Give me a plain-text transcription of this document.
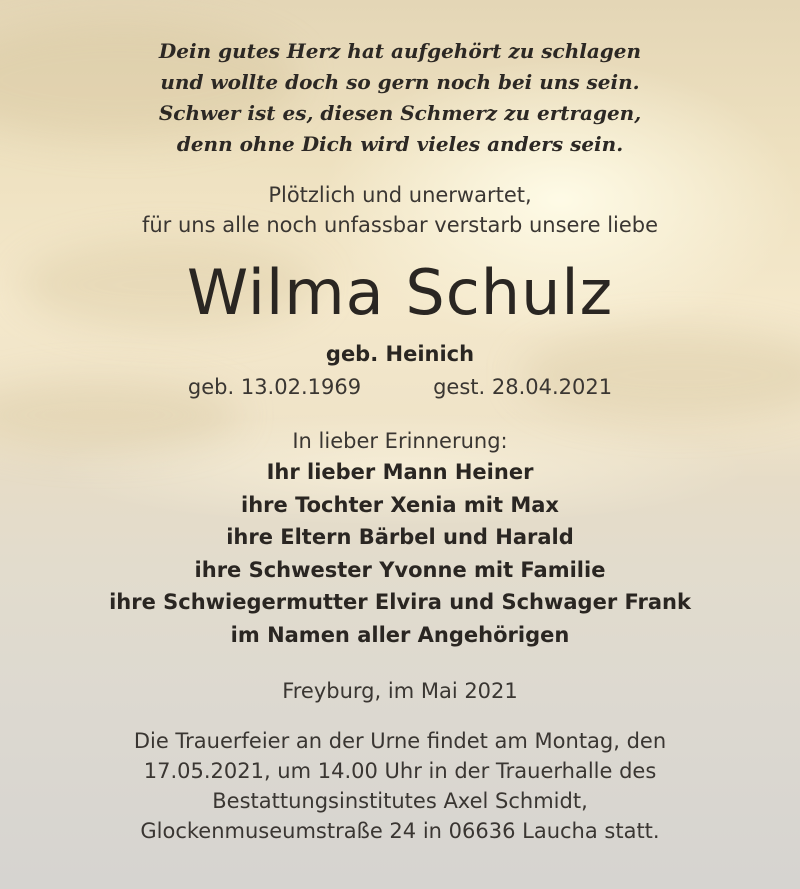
Dein gutes Herz hat aufgehört zu schlagen
und wollte doch so gern noch bei uns sein.
Schwer ist es, diesen Schmerz zu ertragen,
denn ohne Dich wird vieles anders sein.
Plötzlich und unerwartet,
für uns alle noch unfassbar verstarb unsere liebe
Wilma Schulz
geb. Heinich
geb. 13.02.1969	gest. 28.04.2021
In lieber Erinnerung:
Ihr lieber Mann Heiner
ihre Tochter Xenia mit Max
ihre Eltern Bärbel und Harald
ihre Schwester Yvonne mit Familie
ihre Schwiegermutter Elvira und Schwager Frank
im Namen aller Angehörigen
Freyburg, im Mai 2021
Die Trauerfeier an der Urne findet am Montag, den
17.05.2021, um 14.00 Uhr in der Trauerhalle des
Bestattungsinstitutes Axel Schmidt,
Glockenmuseumstraße 24 in 06636 Laucha statt.
